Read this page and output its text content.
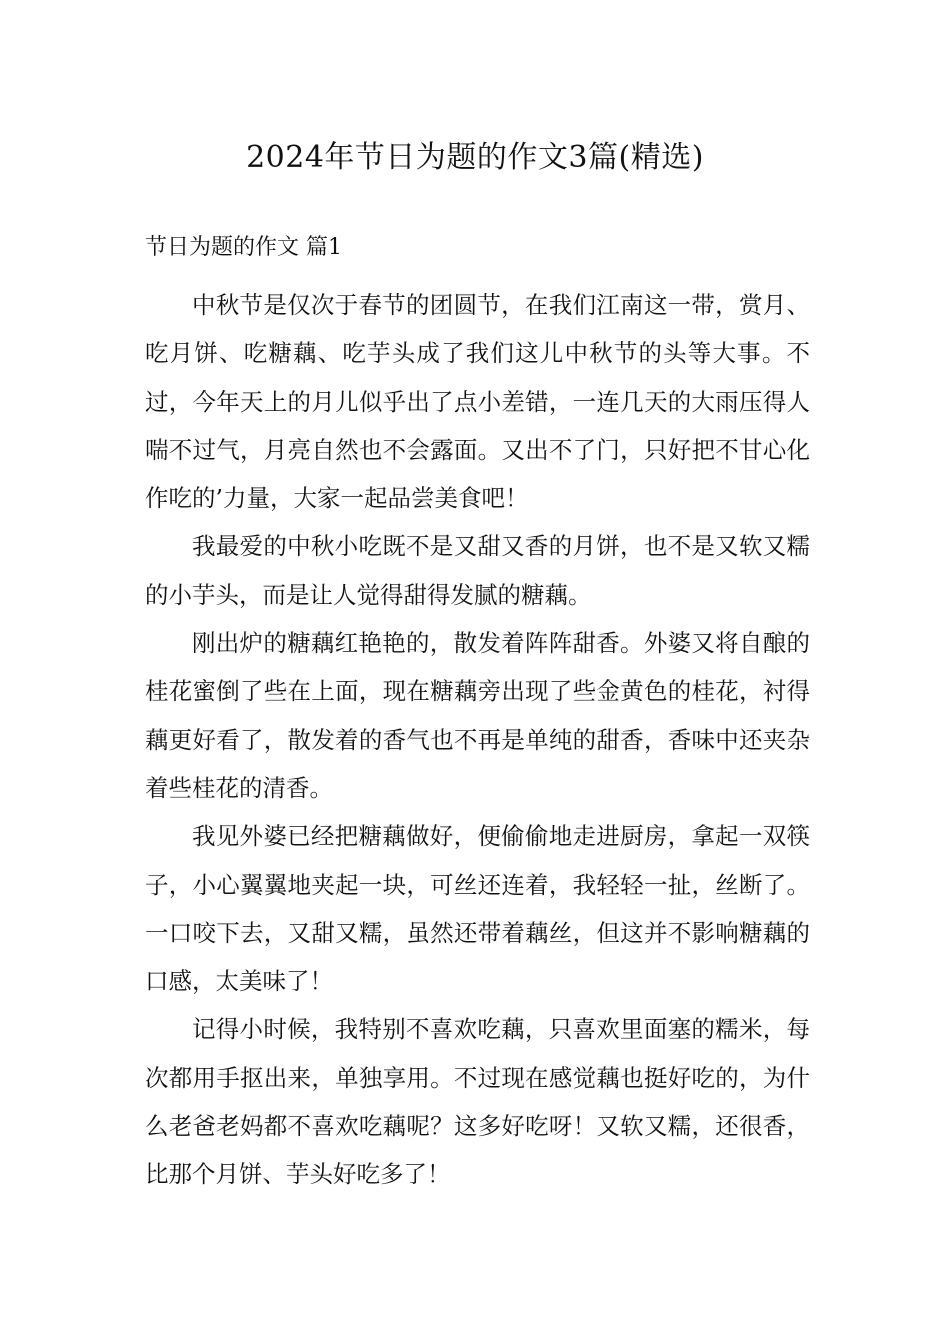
2024年节日为题的作文3篇(精选)
节日为题的作文 篇1

中秋节是仅次于春节的团圆节，在我们江南这一带，赏月、吃月饼、吃糖藕、吃芋头成了我们这儿中秋节的头等大事。不过，今年天上的月儿似乎出了点小差错，一连几天的大雨压得人喘不过气，月亮自然也不会露面。又出不了门，只好把不甘心化作吃的’力量，大家一起品尝美食吧！

我最爱的中秋小吃既不是又甜又香的月饼，也不是又软又糯的小芋头，而是让人觉得甜得发腻的糖藕。

刚出炉的糖藕红艳艳的，散发着阵阵甜香。外婆又将自酿的桂花蜜倒了些在上面，现在糖藕旁出现了些金黄色的桂花，衬得藕更好看了，散发着的香气也不再是单纯的甜香，香味中还夹杂着些桂花的清香。

我见外婆已经把糖藕做好，便偷偷地走进厨房，拿起一双筷子，小心翼翼地夹起一块，可丝还连着，我轻轻一扯，丝断了。一口咬下去，又甜又糯，虽然还带着藕丝，但这并不影响糖藕的口感，太美味了！

记得小时候，我特别不喜欢吃藕，只喜欢里面塞的糯米，每次都用手抠出来，单独享用。不过现在感觉藕也挺好吃的，为什么老爸老妈都不喜欢吃藕呢？这多好吃呀！又软又糯，还很香，比那个月饼、芋头好吃多了！
